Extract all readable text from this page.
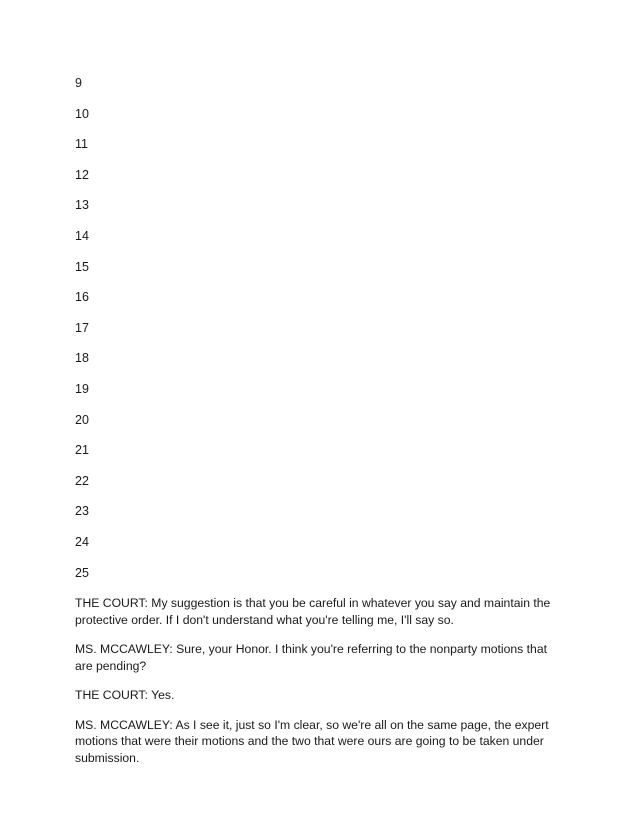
9
10
11
12
13
14
15
16
17
18
19
20
21
22
23
24
25

THE COURT: My suggestion is that you be careful in whatever you say and maintain the protective order. If I don't understand what you're telling me, I'll say so.

MS. MCCAWLEY: Sure, your Honor. I think you're referring to the nonparty motions that are pending?

THE COURT: Yes.

MS. MCCAWLEY: As I see it, just so I'm clear, so we're all on the same page, the expert motions that were their motions and the two that were ours are going to be taken under submission.
